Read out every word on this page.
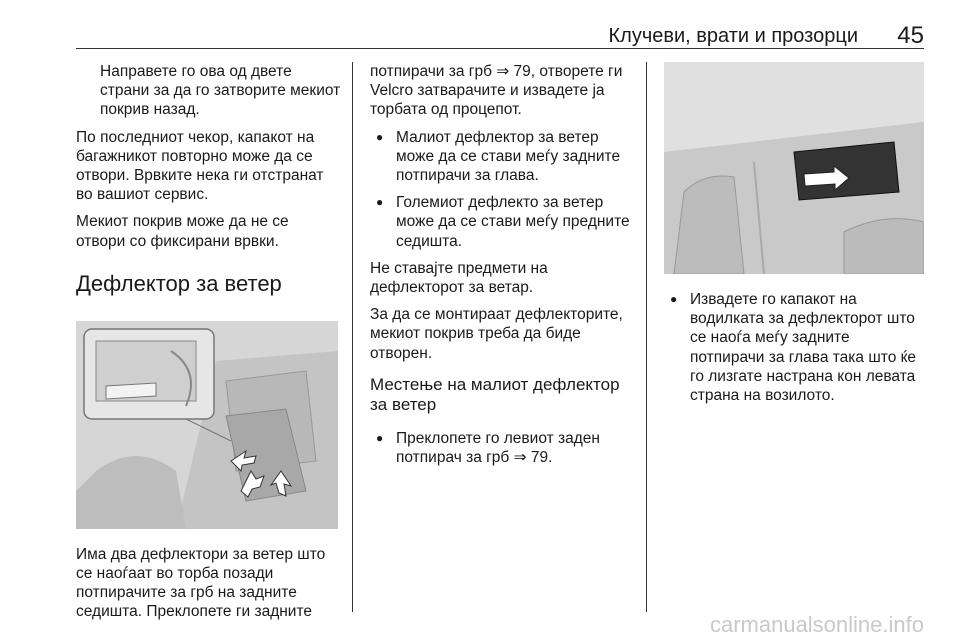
Клучеви, врати и прозорци 45

Направете го ова од двете страни за да го затворите мекиот покрив назад.

По последниот чекор, капакот на багажникот повторно може да се отвори. Врвките нека ги отстранат во вашиот сервис.

Мекиот покрив може да не се отвори со фиксирани врвки.

Дефлектор за ветер

Има два дефлектори за ветер што се наоѓаат во торба позади потпирачите за грб на задните седишта. Преклопете ги задните

потпирачи за грб ⇒ 79, отворете ги Velcro затварачите и извадете ја торбата од процепот.

● Малиот дефлектор за ветер може да се стави меѓу задните потпирачи за глава.
● Големиот дефлекто за ветер може да се стави меѓу предните седишта.

Не ставајте предмети на дефлекторот за ветар.

За да се монтираат дефлекторите, мекиот покрив треба да биде отворен.

Местење на малиот дефлектор за ветер
● Преклопете го левиот заден потпирач за грб ⇒ 79.
● Извадете го капакот на водилката за дефлекторот што се наоѓа меѓу задните потпирачи за глава така што ќе го лизгате настрана кон левата страна на возилото.
carmanualsonline.info
